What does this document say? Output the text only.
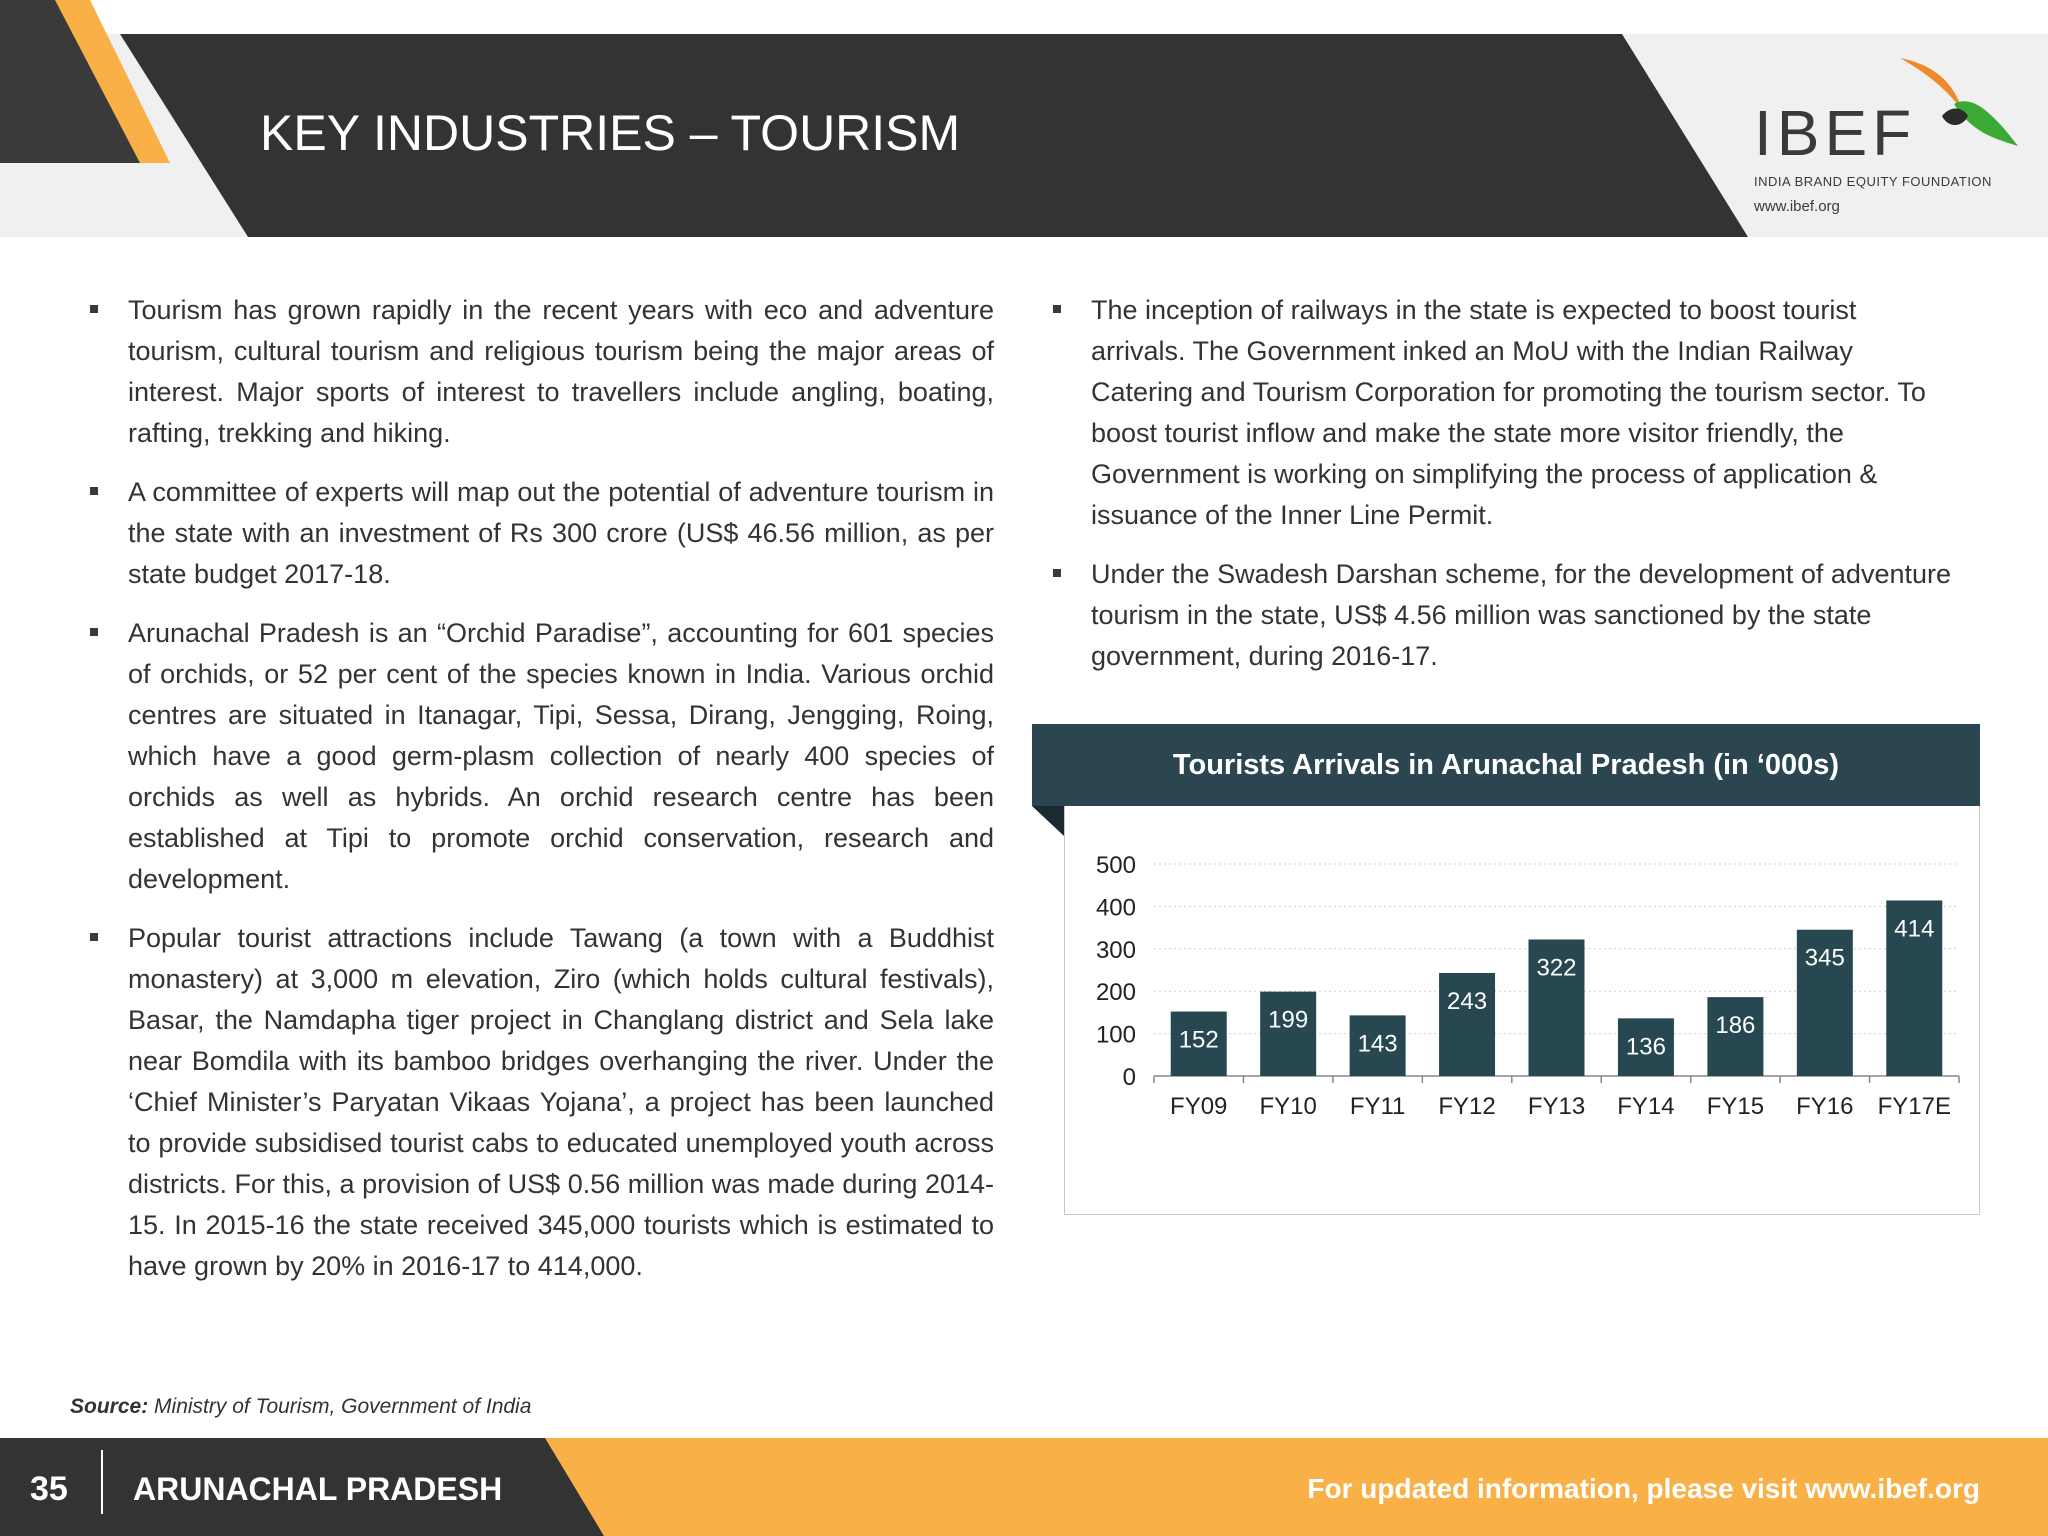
KEY INDUSTRIES – TOURISM	IBEF
INDIA BRAND EQUITY FOUNDATION
www.ibef.org
Tourism has grown rapidly in the recent years with eco and adventure tourism, cultural tourism and religious tourism being the major areas of interest. Major sports of interest to travellers include angling, boating, rafting, trekking and hiking.
A committee of experts will map out the potential of adventure tourism in the state with an investment of Rs 300 crore (US$ 46.56 million, as per state budget 2017-18.
Arunachal Pradesh is an “Orchid Paradise”, accounting for 601 species of orchids, or 52 per cent of the species known in India. Various orchid centres are situated in Itanagar, Tipi, Sessa, Dirang, Jengging, Roing, which have a good germ-plasm collection of nearly 400 species of orchids as well as hybrids. An orchid research centre has been established at Tipi to promote orchid conservation, research and development.
Popular tourist attractions include Tawang (a town with a Buddhist monastery) at 3,000 m elevation, Ziro (which holds cultural festivals), Basar, the Namdapha tiger project in Changlang district and Sela lake near Bomdila with its bamboo bridges overhanging the river. Under the ‘Chief Minister’s Paryatan Vikaas Yojana’, a project has been launched to provide subsidised tourist cabs to educated unemployed youth across districts. For this, a provision of US$ 0.56 million was made during 2014-15. In 2015-16 the state received 345,000 tourists which is estimated to have grown by 20% in 2016-17 to 414,000.
The inception of railways in the state is expected to boost tourist arrivals. The Government inked an MoU with the Indian Railway Catering and Tourism Corporation for promoting the tourism sector. To boost tourist inflow and make the state more visitor friendly, the Government is working on simplifying the process of application & issuance of the Inner Line Permit.
Under the Swadesh Darshan scheme, for the development of adventure tourism in the state, US$ 4.56 million was sanctioned by the state government, during 2016-17.
Tourists Arrivals in Arunachal Pradesh (in ‘000s)
0
100
200
300
400
500
FY09
152
FY10
199
FY11
143
FY12
243
FY13
322
FY14
136
FY15
186
FY16
345
FY17E
414
Source: Ministry of Tourism, Government of India
35 ARUNACHAL PRADESH	For updated information, please visit www.ibef.org
